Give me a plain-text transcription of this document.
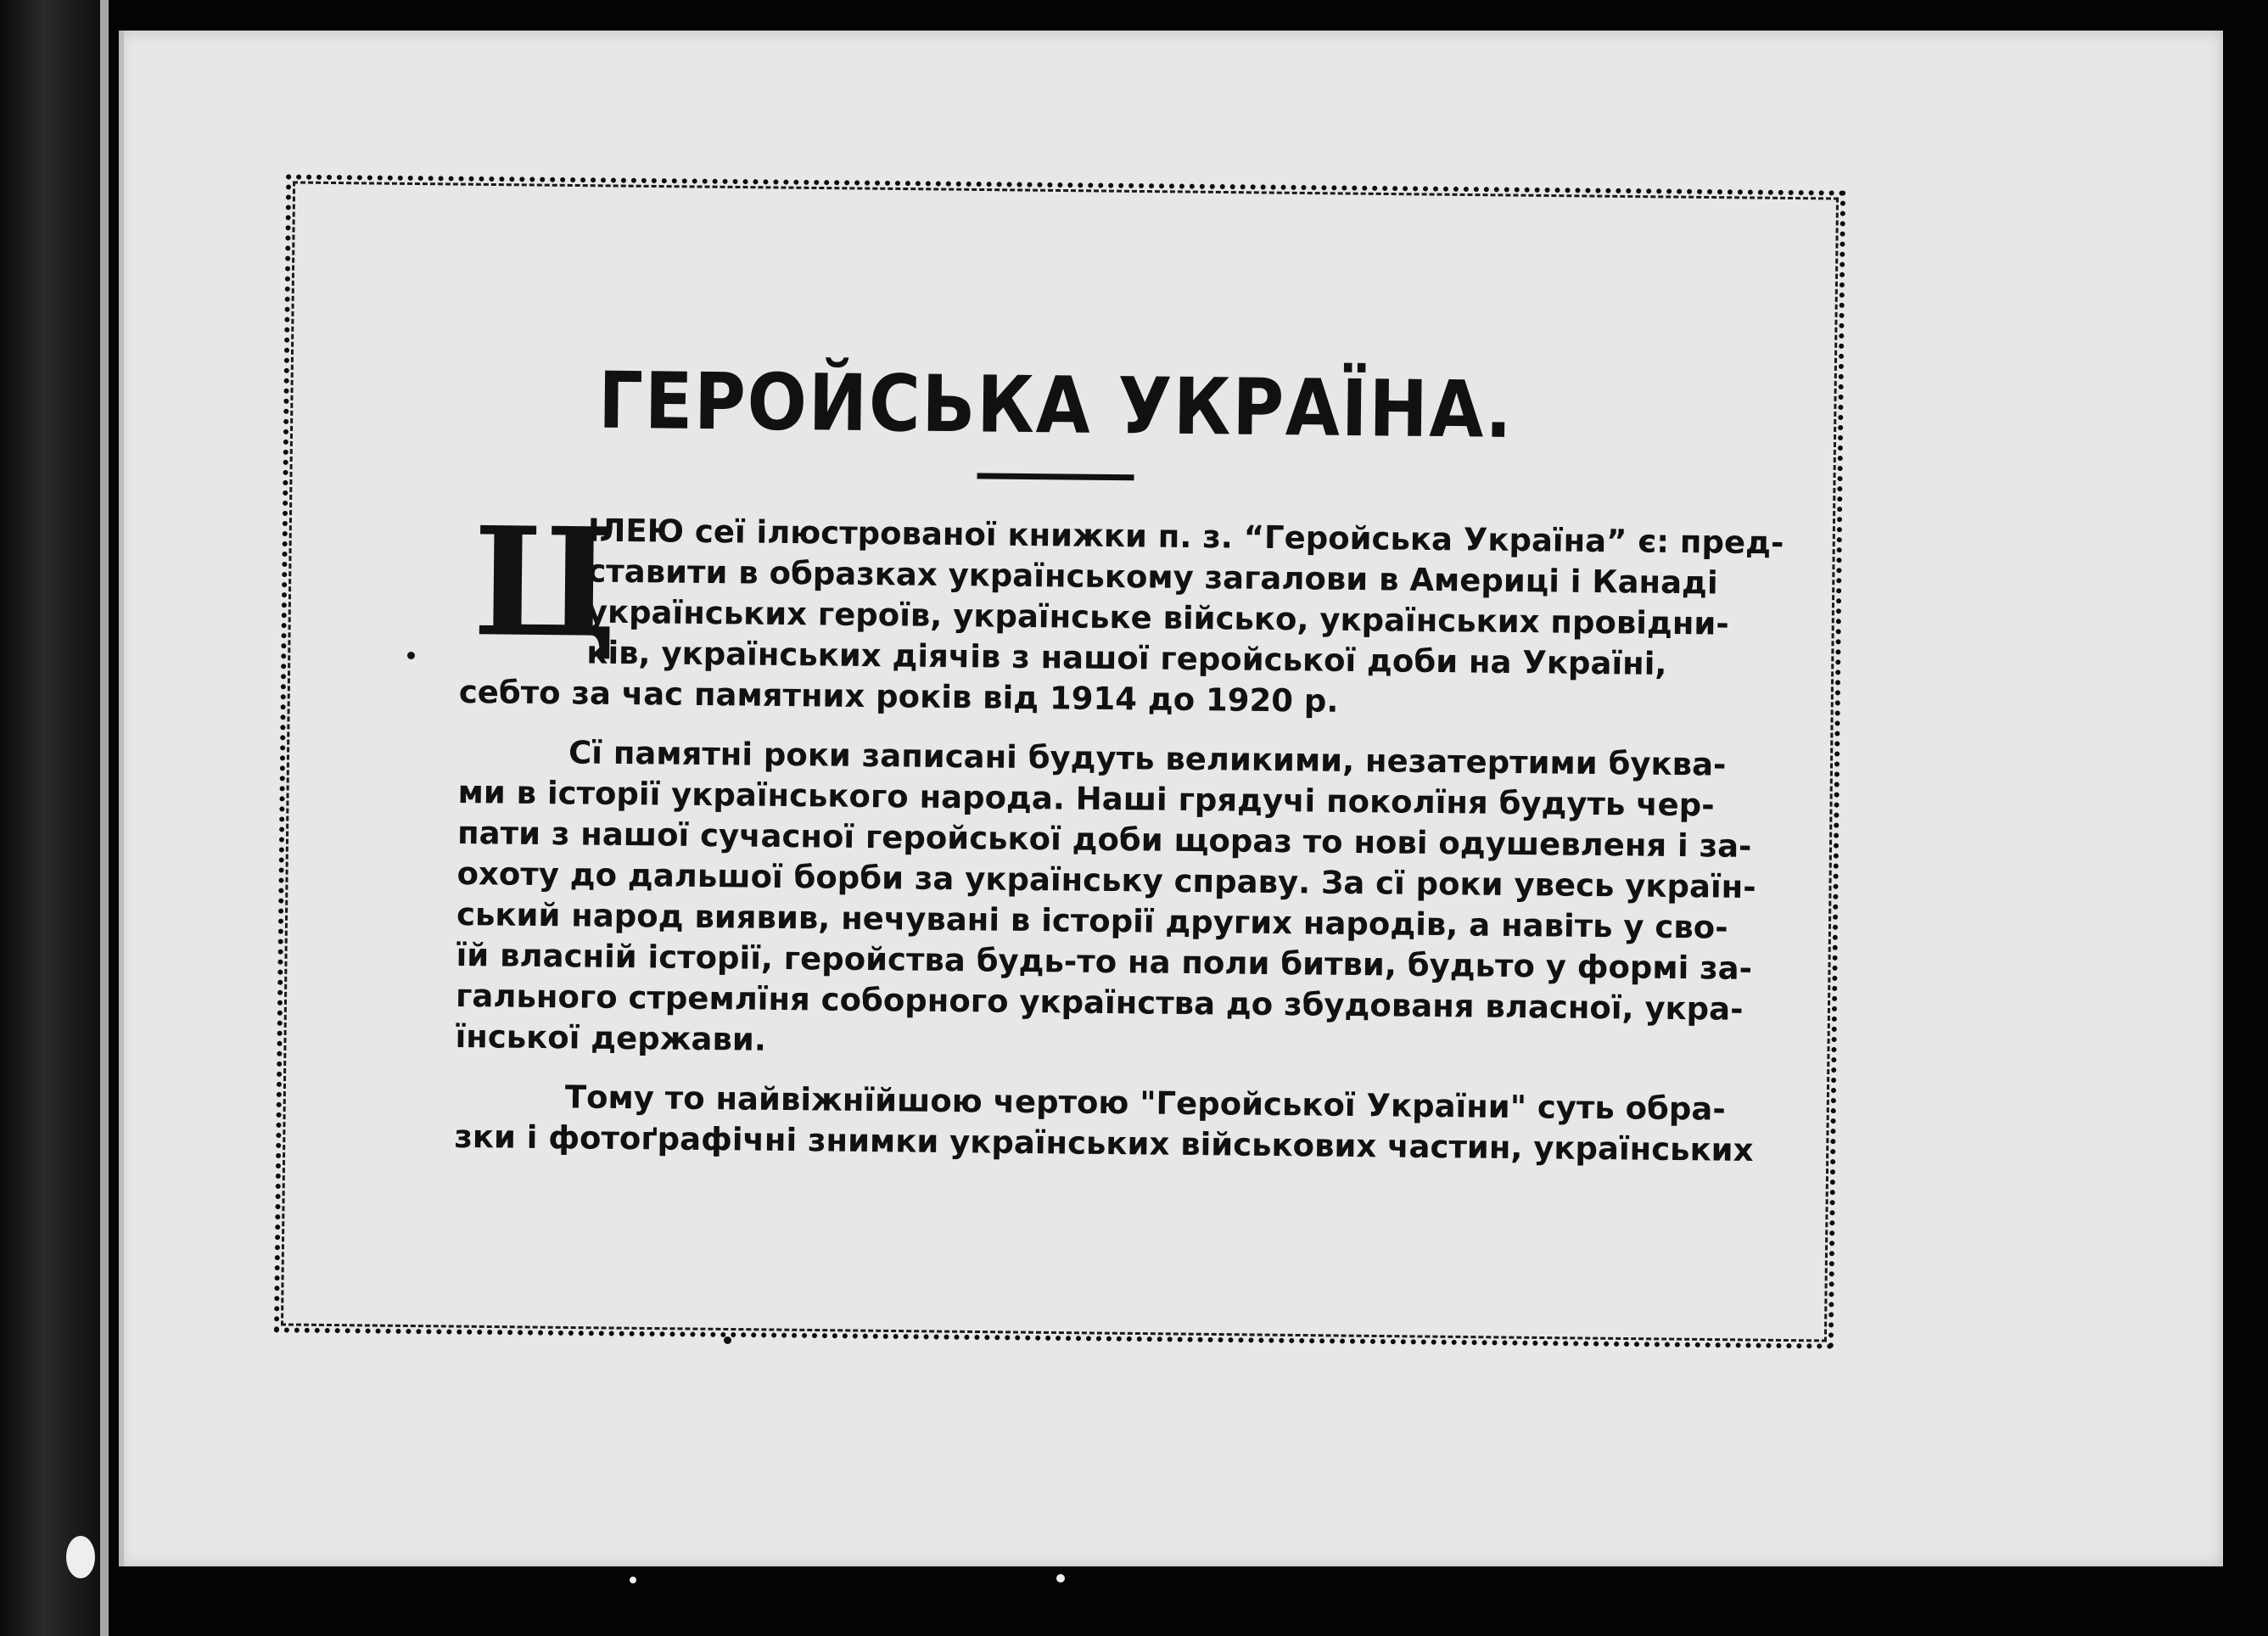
ГЕРОЙСЬКА УКРАЇНА.
Ц
ІЛЕЮ сеї ілюстрованої книжки п. з. “Геройська Україна” є: пред-
ставити в образках українському загалови в Америці і Канаді
українських героїв, українське військо, українських провідни-
ків, українських діячів з нашої геройської доби на Україні,
себто за час памятних років від 1914 до 1920 р.
Сї памятні роки записані будуть великими, незатертими буква-
ми в історії українського народа. Наші грядучі поколїня будуть чер-
пати з нашої сучасної геройської доби щораз то нові одушевленя і за-
охоту до дальшої борби за українську справу. За сї роки увесь україн-
ський народ виявив, нечувані в історії других народів, а навіть у сво-
їй власній історії, геройства будь-то на поли битви, будьто у формі за-
гального стремлїня соборного українства до збудованя власної, укра-
їнської держави.
Тому то найвіжнїйшою чертою "Геройської України" суть обра-
зки і фотоґрафічні знимки українських військових частин, українських
